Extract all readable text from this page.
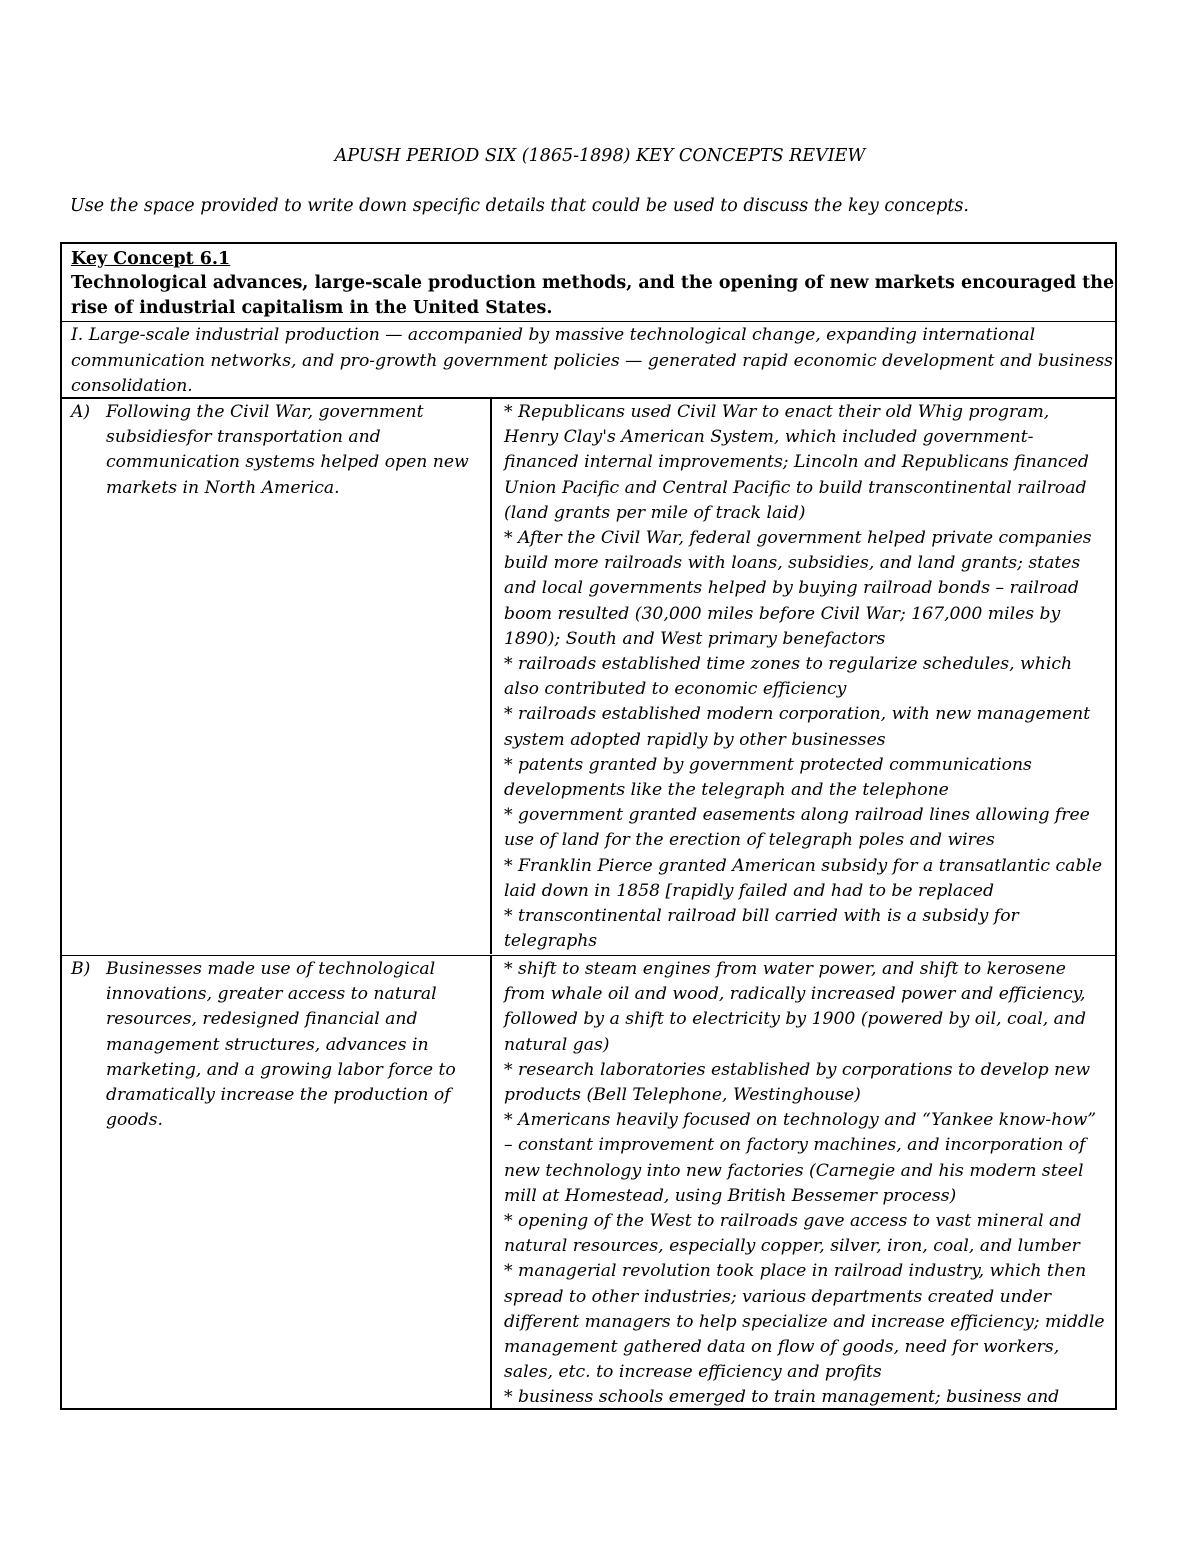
APUSH PERIOD SIX (1865-1898) KEY CONCEPTS REVIEW
Use the space provided to write down specific details that could be used to discuss the key concepts.
Key Concept 6.1
Technological advances, large-scale production methods, and the opening of new markets encouraged the rise of industrial capitalism in the United States.
I. Large-scale industrial production — accompanied by massive technological change, expanding international communication networks, and pro-growth government policies — generated rapid economic development and business consolidation.
A) Following the Civil War, government subsidiesfor transportation and communication systems helped open new markets in North America.
* Republicans used Civil War to enact their old Whig program, Henry Clay's American System, which included government-financed internal improvements; Lincoln and Republicans financed Union Pacific and Central Pacific to build transcontinental railroad (land grants per mile of track laid)
* After the Civil War, federal government helped private companies build more railroads with loans, subsidies, and land grants; states and local governments helped by buying railroad bonds – railroad boom resulted (30,000 miles before Civil War; 167,000 miles by 1890); South and West primary benefactors
* railroads established time zones to regularize schedules, which also contributed to economic efficiency
* railroads established modern corporation, with new management system adopted rapidly by other businesses
* patents granted by government protected communications developments like the telegraph and the telephone
* government granted easements along railroad lines allowing free use of land for the erection of telegraph poles and wires
* Franklin Pierce granted American subsidy for a transatlantic cable laid down in 1858 [rapidly failed and had to be replaced
* transcontinental railroad bill carried with is a subsidy for telegraphs
B) Businesses made use of technological innovations, greater access to natural resources, redesigned financial and management structures, advances in marketing, and a growing labor force to dramatically increase the production of goods.
* shift to steam engines from water power, and shift to kerosene from whale oil and wood, radically increased power and efficiency, followed by a shift to electricity by 1900 (powered by oil, coal, and natural gas)
* research laboratories established by corporations to develop new products (Bell Telephone, Westinghouse)
* Americans heavily focused on technology and “Yankee know-how” – constant improvement on factory machines, and incorporation of new technology into new factories (Carnegie and his modern steel mill at Homestead, using British Bessemer process)
* opening of the West to railroads gave access to vast mineral and natural resources, especially copper, silver, iron, coal, and lumber
* managerial revolution took place in railroad industry, which then spread to other industries; various departments created under different managers to help specialize and increase efficiency; middle management gathered data on flow of goods, need for workers, sales, etc. to increase efficiency and profits
* business schools emerged to train management; business and
